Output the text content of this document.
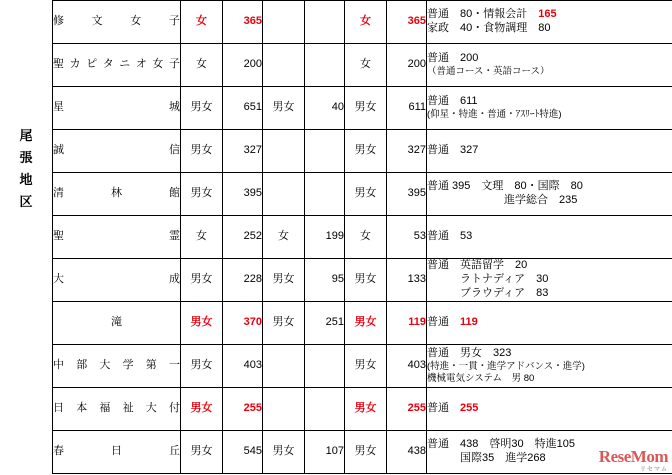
尾
張
地
区
修 文 女 子	女	365			女	365	普通　80・情報会計　165
家政　40・食物調理　80

聖カピタニオ女子	女	200			女	200	普通　200
（普通コース・英語コース）

星 　 　 城	男女	651	男女	40	男女	611	普通　611
(仰星・特進・普通・ｱｽﾘｰﾄ特進)

誠 　 　 信	男女	327			男女	327	普通　327

清 　 林 　 館	男女	395			男女	395	普通 395　文理　80・国際　80
　　　　　　　進学総合　235

聖 　 　 霊	女	252	女	199	女	53	普通　53

大 　 　 成	男女	228	男女	95	男女	133	普通　英語留学　20
　　　ラトナディア　30
　　　ブラウディア　83

滝	男女	370	男女	251	男女	119	普通　119

中 部 大 学 第 一	男女	403			男女	403	普通　男女　323
(特進・一貫・進学アドバンス・進学)
機械電気システム　男 80

日 本 福 祉 大 付	男女	255			男女	255	普通　255

春 　 日 　 丘	男女	545	男女	107	男女	438	普通　438　啓明30　特進105
　　　国際35　進学268	ReseMom
リセマム
